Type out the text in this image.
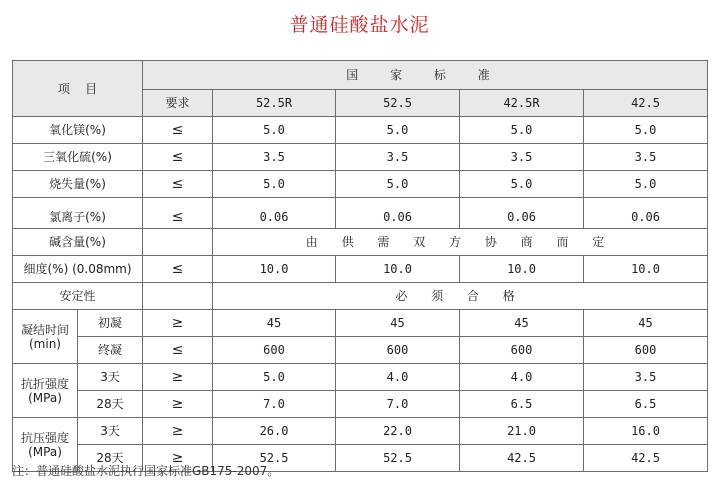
普通硅酸盐水泥
项    目		国 家 标 准				
		要求	52.5R	52.5	42.5R	42.5
氧化镁(%)		≤	5.0	5.0	5.0	5.0
三氧化硫(%)		≤	3.5	3.5	3.5	3.5
烧失量(%)		≤	5.0	5.0	5.0	5.0
氯离子(%)		≤	0.06	0.06	0.06	0.06
碱含量(%)			由 供 需 双 方 协 商 而 定			
细度(%) (0.08mm)		≤	10.0	10.0	10.0	10.0
安定性			必 须 合 格			
凝结时间 (min)	初凝	≥	45	45	45	45
	终凝	≤	600	600	600	600
抗折强度 (MPa)	3天	≥	5.0	4.0	4.0	3.5
	28天	≥	7.0	7.0	6.5	6.5
抗压强度 (MPa)	3天	≥	26.0	22.0	21.0	16.0
	28天	≥	52.5	52.5	42.5	42.5
注：普通硅酸盐水泥执行国家标准GB175-2007。
